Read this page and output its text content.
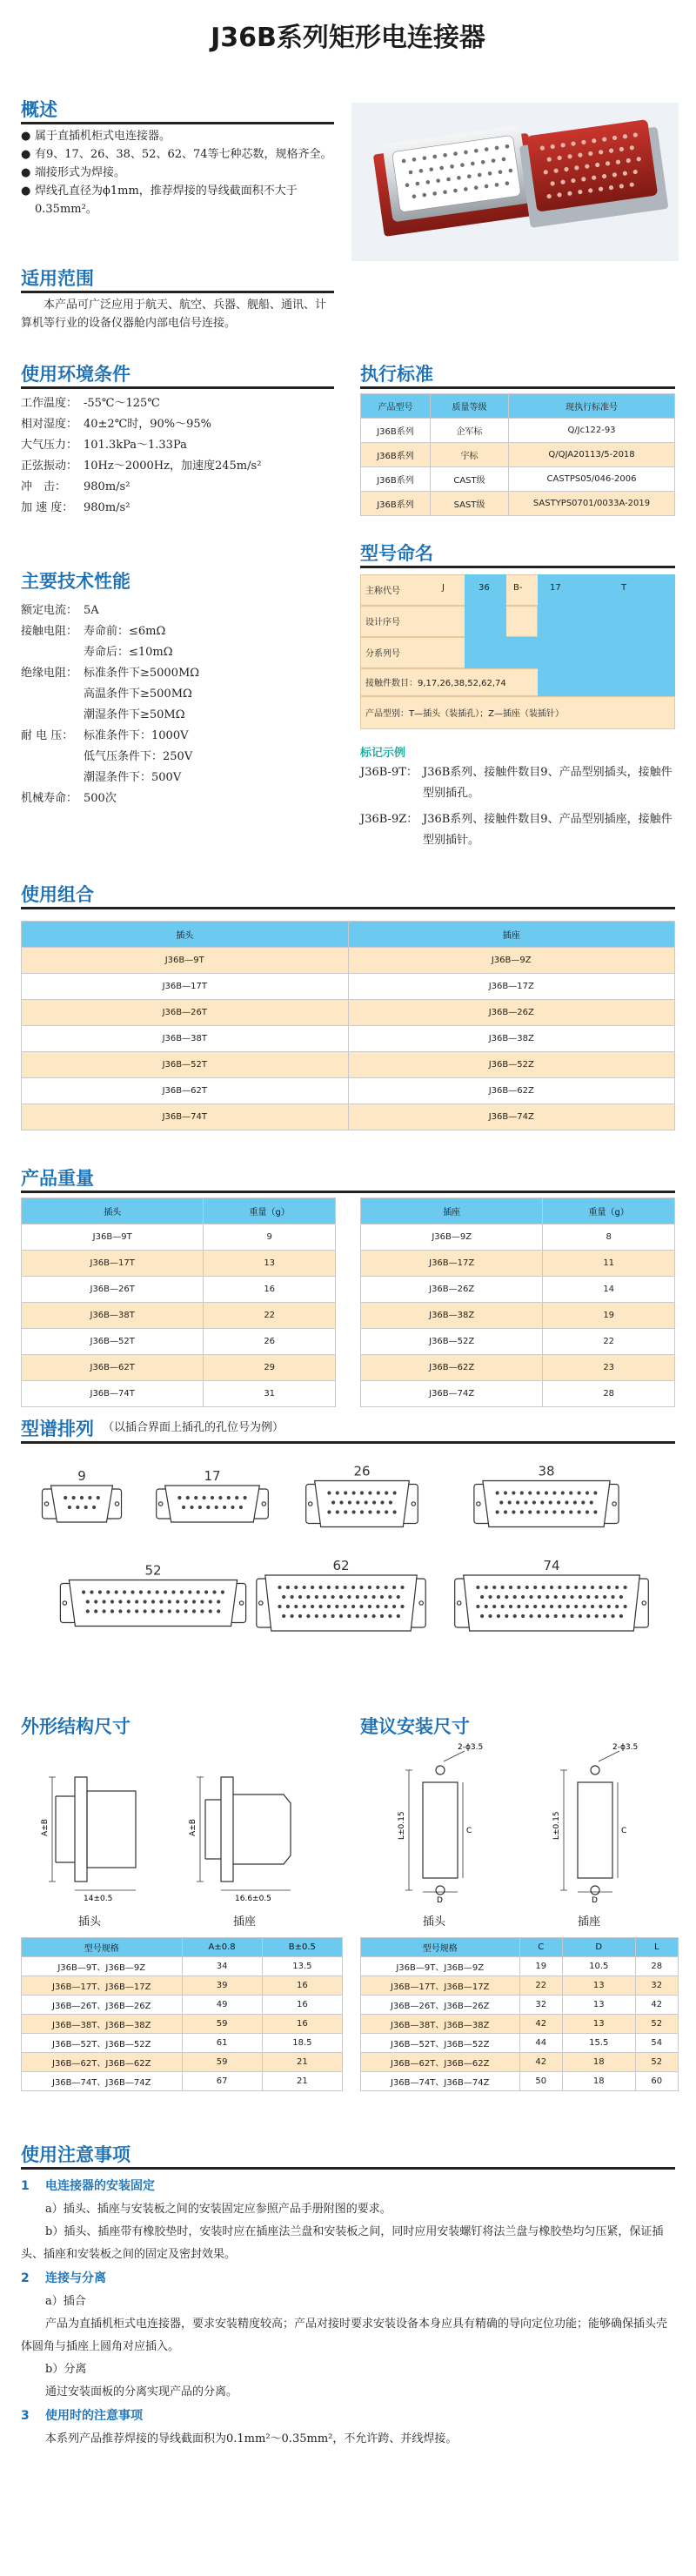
J36B系列矩形电连接器
概述
● 属于直插机柜式电连接器。
● 有9、17、26、38、52、62、74等七种芯数，规格齐全。
● 端接形式为焊接。
● 焊线孔直径为ϕ1mm，推荐焊接的导线截面积不大于0.35mm²。
适用范围
本产品可广泛应用于航天、航空、兵器、舰船、通讯、计算机等行业的设备仪器舱内部电信号连接。
使用环境条件
工作温度： -55℃～125℃
相对湿度： 40±2℃时，90%～95%
大气压力： 101.3kPa～1.33Pa
正弦振动： 10Hz～2000Hz，加速度245m/s²
冲　击：	980m/s²
加 速 度： 980m/s²
主要技术性能
额定电流： 5A
接触电阻： 寿命前：≤6mΩ
寿命后：≤10mΩ
绝缘电阻： 标准条件下≥5000MΩ
高温条件下≥500MΩ
潮湿条件下≥50MΩ
耐 电 压： 标准条件下：1000V
低气压条件下：250V
潮湿条件下：500V
机械寿命： 500次
执行标准
产品型号	质量等级	现执行标准号
J36B系列	企军标	Q/Jc122-93
J36B系列	宇标	Q/QJA20113/5-2018
J36B系列	CAST级	CASTPS05/046-2006
J36B系列	SAST级	SASTYPS0701/0033A-2019
型号命名
主称代号	J	36	B-	17	T
设计序号
分系列号
接触件数目：9,17,26,38,52,62,74
产品型别：T—插头（装插孔）；Z—插座（装插针）
标记示例
J36B-9T： J36B系列、接触件数目9、产品型别插头，接触件型别插孔。
J36B-9Z： J36B系列、接触件数目9、产品型别插座，接触件型别插针。
使用组合
插头	插座
J36B—9T	J36B—9Z
J36B—17T	J36B—17Z
J36B—26T	J36B—26Z
J36B—38T	J36B—38Z
J36B—52T	J36B—52Z
J36B—62T	J36B—62Z
J36B—74T	J36B—74Z
产品重量
插头	重量（g）
J36B—9T	9
J36B—17T	13
J36B—26T	16
J36B—38T	22
J36B—52T	26
J36B—62T	29
J36B—74T	31
插座	重量（g）
J36B—9Z	8
J36B—17Z	11
J36B—26Z	14
J36B—38Z	19
J36B—52Z	22
J36B—62Z	23
J36B—74Z	28
型谱排列 （以插合界面上插孔的孔位号为例）
9	17	26	38
52	62	74
外形结构尺寸	建议安装尺寸
A±B	A±B
14±0.5	16.6±0.5
插头	插座
2-ϕ3.5	2-ϕ3.5
L±0.15	L±0.15
C	C
D	D
插头	插座
型号规格	A±0.8	B±0.5
J36B—9T、J36B—9Z	34	13.5
J36B—17T、J36B—17Z	39	16
J36B—26T、J36B—26Z	49	16
J36B—38T、J36B—38Z	59	16
J36B—52T、J36B—52Z	61	18.5
J36B—62T、J36B—62Z	59	21
J36B—74T、J36B—74Z	67	21
型号规格	C	D	L
J36B—9T、J36B—9Z	19	10.5	28
J36B—17T、J36B—17Z	22	13	32
J36B—26T、J36B—26Z	32	13	42
J36B—38T、J36B—38Z	42	13	52
J36B—52T、J36B—52Z	44	15.5	54
J36B—62T、J36B—62Z	42	18	52
J36B—74T、J36B—74Z	50	18	60
使用注意事项
1 电连接器的安装固定
a）插头、插座与安装板之间的安装固定应参照产品手册附图的要求。
b）插头、插座带有橡胶垫时，安装时应在插座法兰盘和安装板之间，同时应用安装螺钉将法兰盘与橡胶垫均匀压紧，保证插头、插座和安装板之间的固定及密封效果。
2 连接与分离
a）插合
产品为直插机柜式电连接器，要求安装精度较高；产品对接时要求安装设备本身应具有精确的导向定位功能；能够确保插头壳体圆角与插座上圆角对应插入。
b）分离
通过安装面板的分离实现产品的分离。
3 使用时的注意事项
本系列产品推荐焊接的导线截面积为0.1mm²～0.35mm²，不允许跨、并线焊接。
